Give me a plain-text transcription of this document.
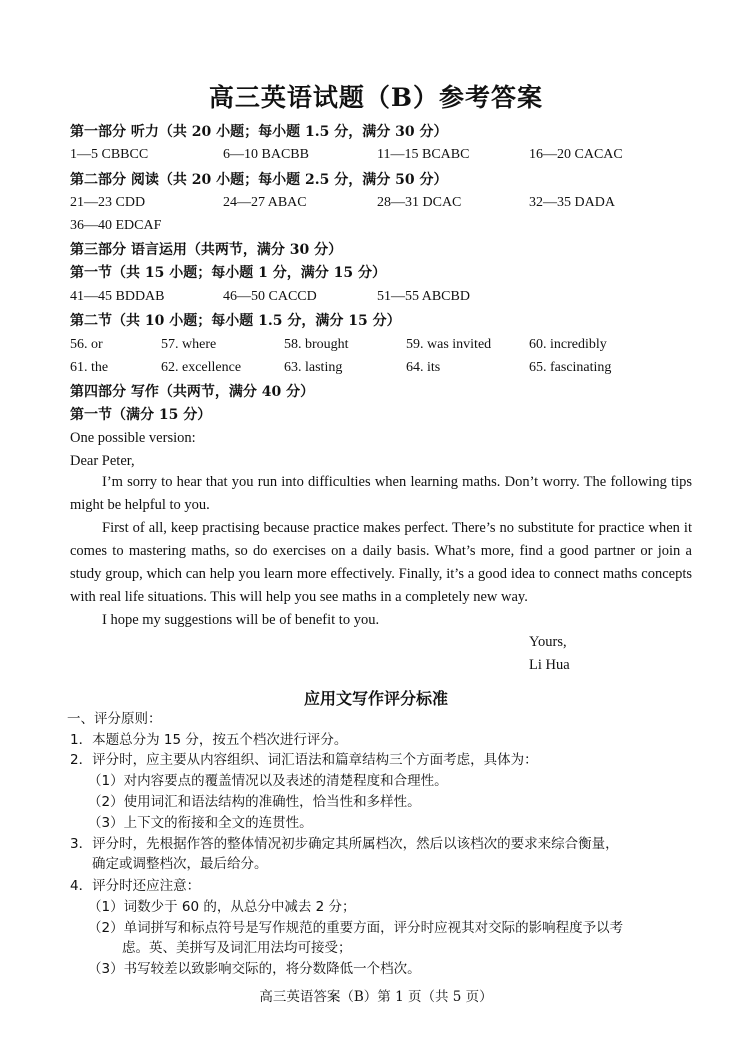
高三英语试题（B）参考答案
第一部分 听力（共 20 小题；每小题 1.5 分，满分 30 分）
1—5 CBBCC	6—10 BACBB	11—15 BCABC	16—20 CACAC
第二部分 阅读（共 20 小题；每小题 2.5 分，满分 50 分）
21—23 CDD	24—27 ABAC	28—31 DCAC	32—35 DADA
36—40 EDCAF
第三部分 语言运用（共两节，满分 30 分）
第一节（共 15 小题；每小题 1 分，满分 15 分）
41—45 BDDAB	46—50 CACCD	51—55 ABCBD
第二节（共 10 小题；每小题 1.5 分，满分 15 分）
56. or	57. where	58. brought	59. was invited	60. incredibly
61. the	62. excellence	63. lasting	64. its	65. fascinating
第四部分 写作（共两节，满分 40 分）
第一节（满分 15 分）
One possible version:
Dear Peter,
I’m sorry to hear that you run into difficulties when learning maths. Don’t worry. The following tips might be helpful to you.
First of all, keep practising because practice makes perfect. There’s no substitute for practice when it comes to mastering maths, so do exercises on a daily basis. What’s more, find a good partner or join a study group, which can help you learn more effectively. Finally, it’s a good idea to connect maths concepts with real life situations. This will help you see maths in a completely new way.
I hope my suggestions will be of benefit to you.
Yours,
Li Hua
应用文写作评分标准
一、评分原则：
1．本题总分为 15 分，按五个档次进行评分。
2．评分时，应主要从内容组织、词汇语法和篇章结构三个方面考虑，具体为：
（1）对内容要点的覆盖情况以及表述的清楚程度和合理性。
（2）使用词汇和语法结构的准确性，恰当性和多样性。
（3）上下文的衔接和全文的连贯性。
3．评分时，先根据作答的整体情况初步确定其所属档次，然后以该档次的要求来综合衡量，
确定或调整档次，最后给分。
4．评分时还应注意：
（1）词数少于 60 的，从总分中减去 2 分；
（2）单词拼写和标点符号是写作规范的重要方面，评分时应视其对交际的影响程度予以考
虑。英、美拼写及词汇用法均可接受；
（3）书写较差以致影响交际的，将分数降低一个档次。
高三英语答案（B）第 1 页（共 5 页）
